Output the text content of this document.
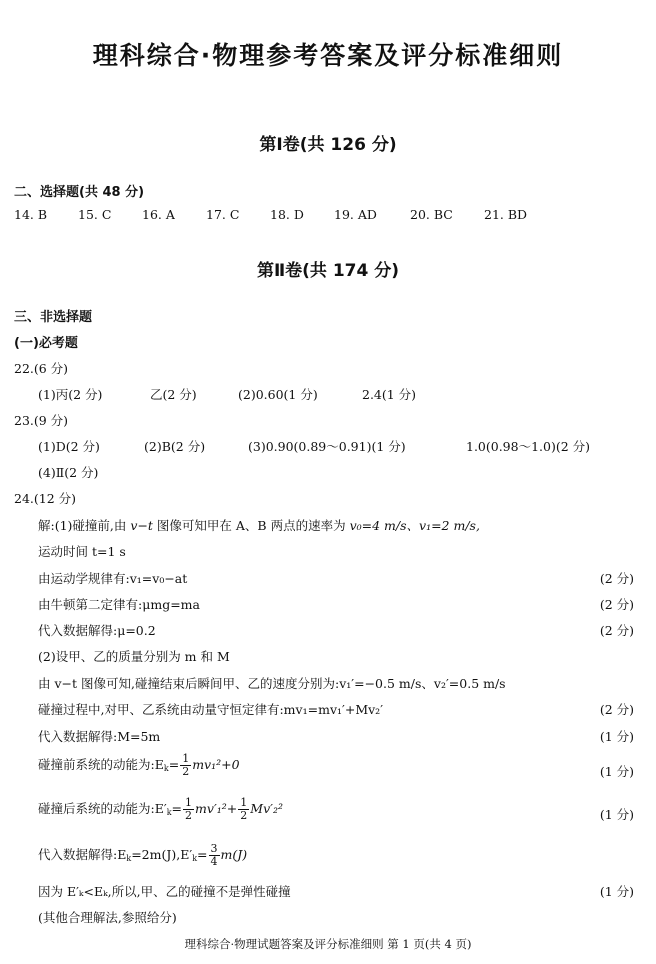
理科综合·物理参考答案及评分标准细则
第Ⅰ卷(共 126 分)
二、选择题(共 48 分)
14. B 15. C 16. A 17. C 18. D 19. AD	20. BC 21. BD
第Ⅱ卷(共 174 分)
三、非选择题
(一)必考题
22.(6 分)
(1)丙(2 分)	乙(2 分)	(2)0.60(1 分)	2.4(1 分)
23.(9 分)
(1)D(2 分)	(2)B(2 分)	(3)0.90(0.89～0.91)(1 分)	1.0(0.98～1.0)(2 分)
(4)Ⅱ(2 分)
24.(12 分)
解:(1)碰撞前,由 v−t 图像可知甲在 A、B 两点的速率为 v₀=4 m/s、v₁=2 m/s,
运动时间 t=1 s
由运动学规律有:v₁=v₀−at	(2 分)
由牛顿第二定律有:μmg=ma	(2 分)
代入数据解得:μ=0.2	(2 分)
(2)设甲、乙的质量分别为 m 和 M
由 v−t 图像可知,碰撞结束后瞬间甲、乙的速度分别为:v₁′=−0.5 m/s、v₂′=0.5 m/s
碰撞过程中,对甲、乙系统由动量守恒定律有:mv₁=mv₁′+Mv₂′	(2 分)
代入数据解得:M=5m	(1 分)
碰撞前系统的动能为$:E_k= \frac{1}{2} mv_1^2+0$	(1 分)
碰撞后系统的动能为$:E'_k= \frac{1}{2} mv'_1^2+ \frac{1}{2} Mv'_2^2$	(1 分)
代入数据解得$:E_k=2m(J),E'_k= \frac{3}{4} m(J)$
因为 E′ₖ<Eₖ,所以,甲、乙的碰撞不是弹性碰撞	(1 分)
(其他合理解法,参照给分)
理科综合·物理试题答案及评分标准细则 第 1 页(共 4 页)
